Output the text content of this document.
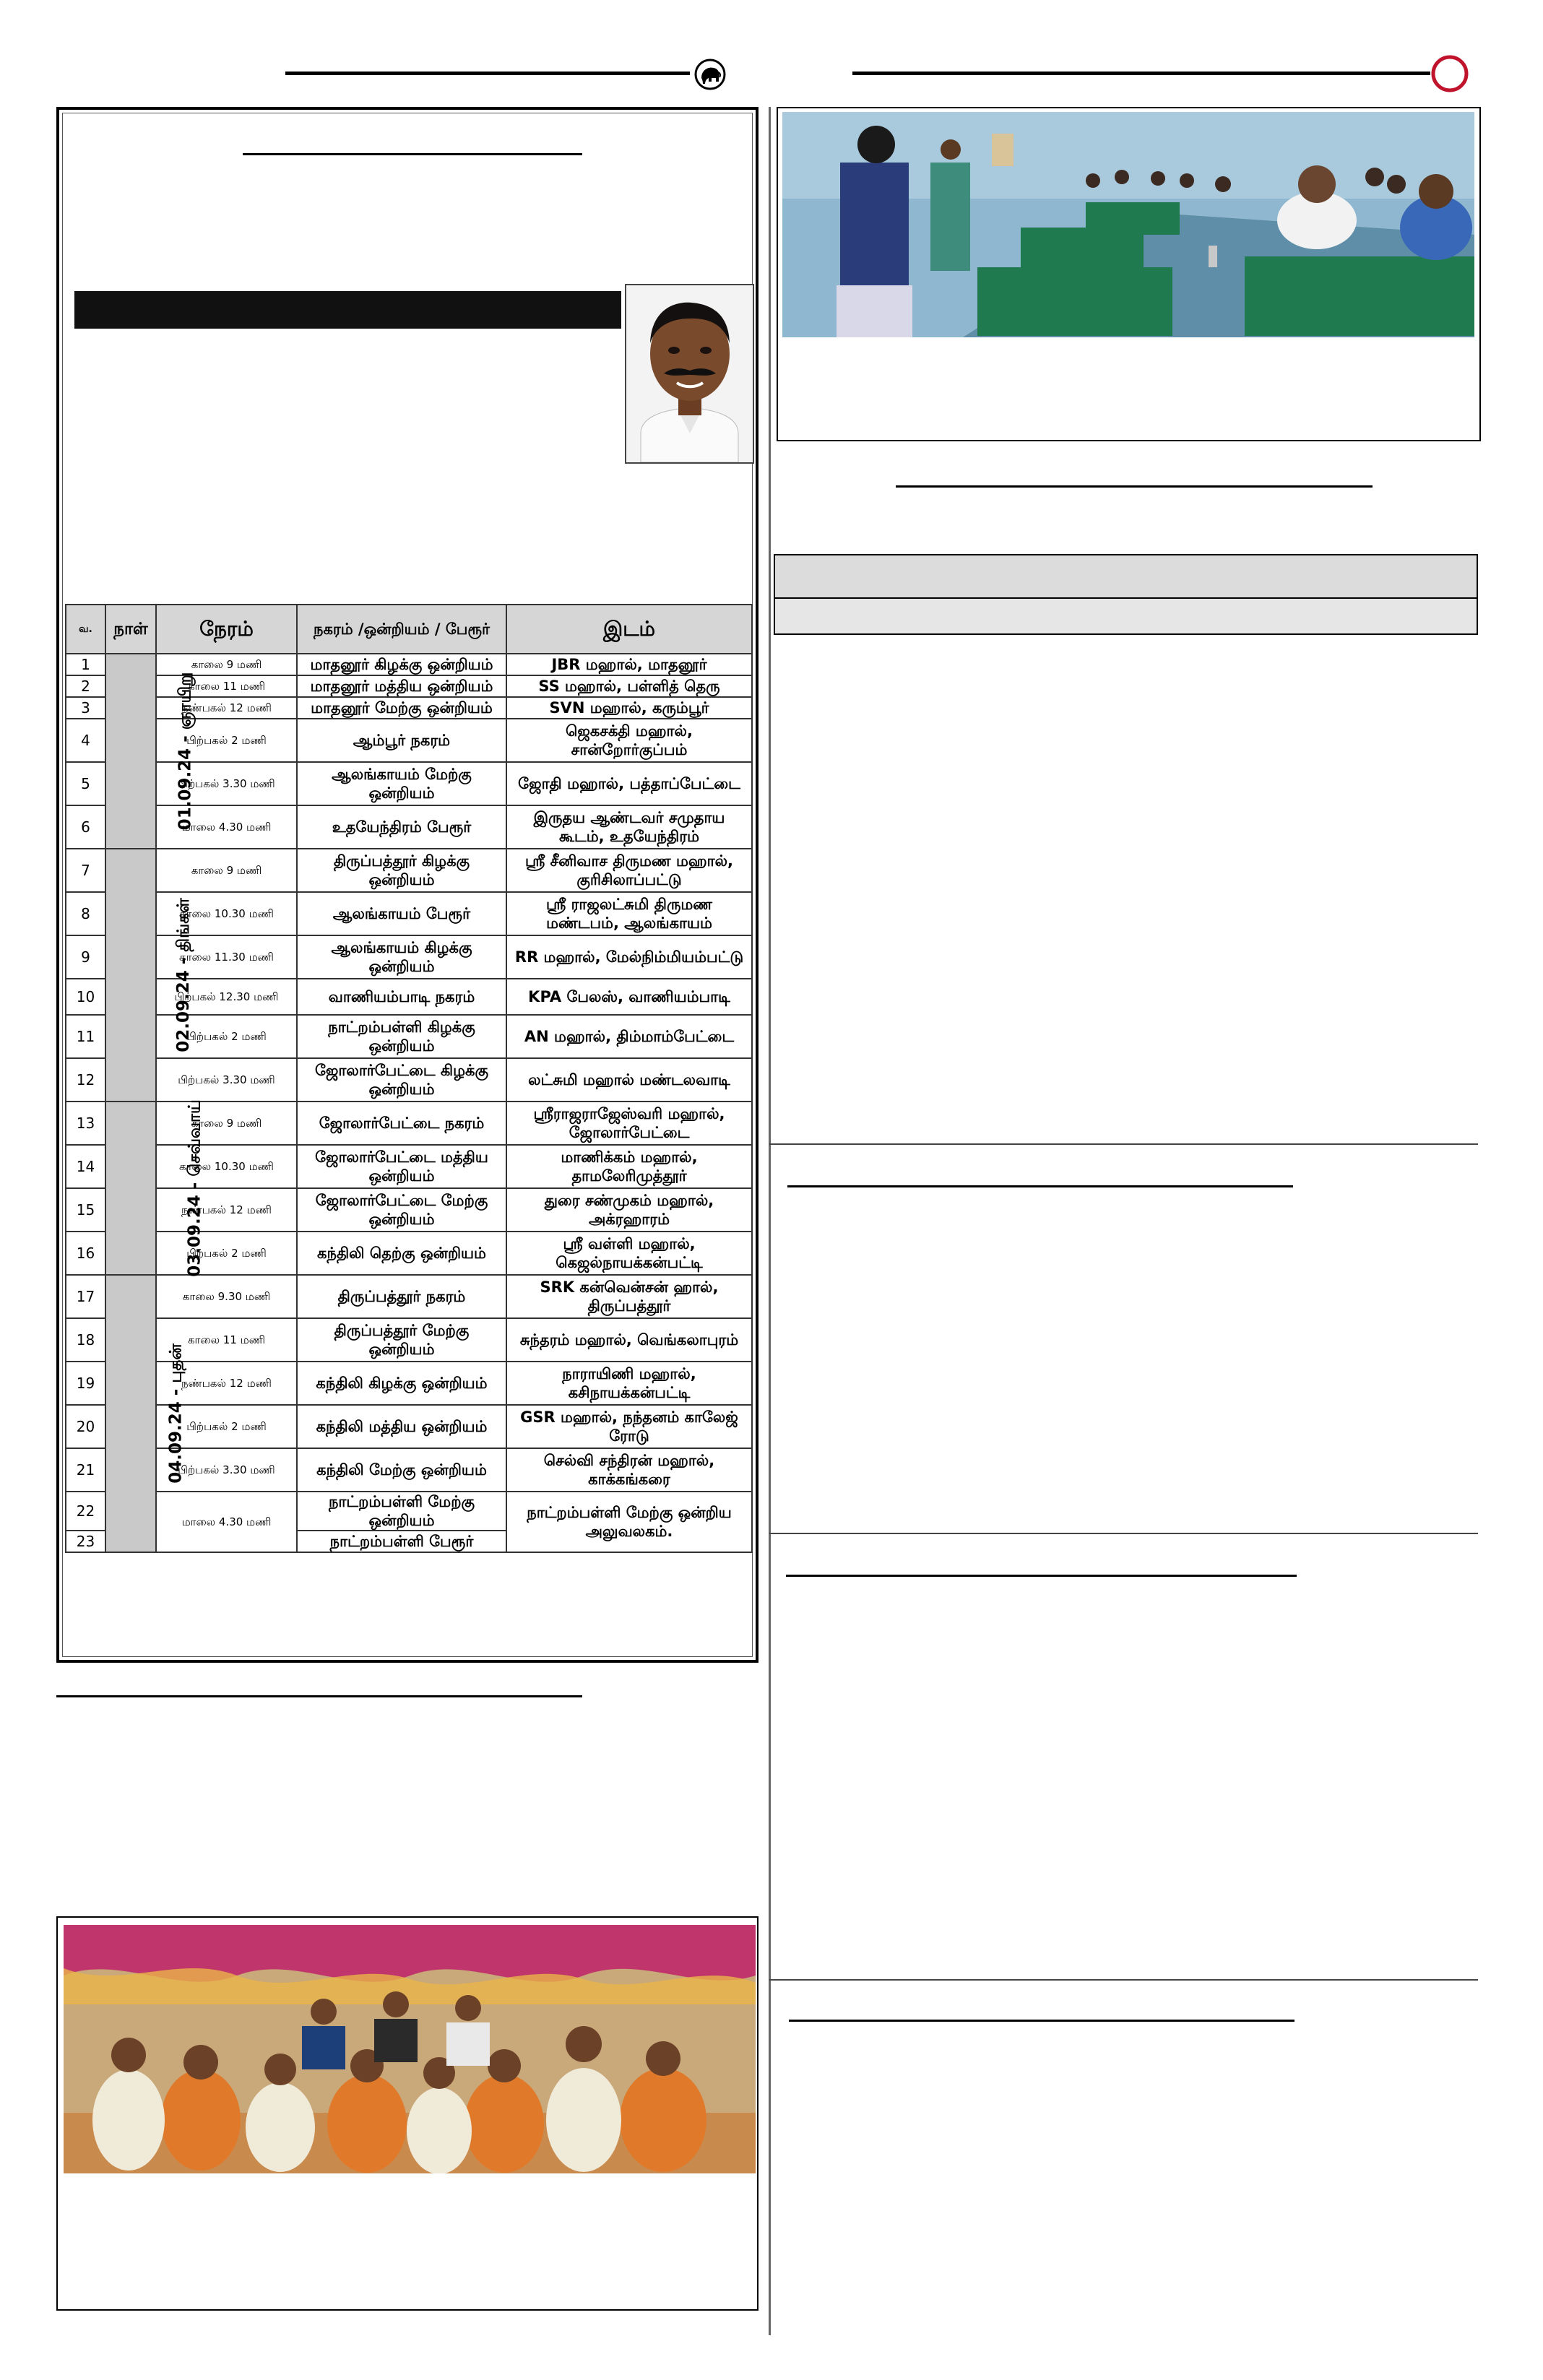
வ.	நாள்	நேரம்	நகரம் /ஒன்றியம் / பேரூர்	இடம்
1	01.09.24 - ஞாயிறு	காலை 9 மணி	மாதனூர் கிழக்கு ஒன்றியம்	JBR மஹால், மாதனூர்
2		காலை 11 மணி	மாதனூர் மத்திய ஒன்றியம்	SS மஹால், பள்ளித் தெரு
3		நண்பகல் 12 மணி	மாதனூர் மேற்கு ஒன்றியம்	SVN மஹால், கரும்பூர்
4		பிற்பகல் 2 மணி	ஆம்பூர் நகரம்	ஜெகசக்தி மஹால், சான்றோர்குப்பம்
5		பிற்பகல் 3.30 மணி	ஆலங்காயம் மேற்கு ஒன்றியம்	ஜோதி மஹால், பத்தாப்பேட்டை
6		மாலை 4.30 மணி	உதயேந்திரம் பேரூர்	இருதய ஆண்டவர் சமுதாய கூடம், உதயேந்திரம்
7	02.09.24 - திங்கள்	காலை 9 மணி	திருப்பத்தூர் கிழக்கு ஒன்றியம்	ஸ்ரீ சீனிவாச திருமண மஹால், குரிசிலாப்பட்டு
8		காலை 10.30 மணி	ஆலங்காயம் பேரூர்	ஸ்ரீ ராஜலட்சுமி திருமண மண்டபம், ஆலங்காயம்
9		காலை 11.30 மணி	ஆலங்காயம் கிழக்கு ஒன்றியம்	RR மஹால், மேல்நிம்மியம்பட்டு
10		பிற்பகல் 12.30 மணி	வாணியம்பாடி நகரம்	KPA பேலஸ், வாணியம்பாடி
11		பிற்பகல் 2 மணி	நாட்றம்பள்ளி கிழக்கு ஒன்றியம்	AN மஹால், திம்மாம்பேட்டை
12		பிற்பகல் 3.30 மணி	ஜோலார்பேட்டை கிழக்கு ஒன்றியம்	லட்சுமி மஹால் மண்டலவாடி
13	03.09.24 - செவ்வாய்	காலை 9 மணி	ஜோலார்பேட்டை நகரம்	ஸ்ரீராஜராஜேஸ்வரி மஹால், ஜோலார்பேட்டை
14		காலை 10.30 மணி	ஜோலார்பேட்டை மத்திய ஒன்றியம்	மாணிக்கம் மஹால், தாமலேரிமுத்தூர்
15		நண்பகல் 12 மணி	ஜோலார்பேட்டை மேற்கு ஒன்றியம்	துரை சண்முகம் மஹால், அக்ரஹாரம்
16		பிற்பகல் 2 மணி	கந்திலி தெற்கு ஒன்றியம்	ஸ்ரீ வள்ளி மஹால், கெஜல்நாயக்கன்பட்டி
17	04.09.24 - புதன்	காலை 9.30 மணி	திருப்பத்தூர் நகரம்	SRK கன்வென்சன் ஹால், திருப்பத்தூர்
18		காலை 11 மணி	திருப்பத்தூர் மேற்கு ஒன்றியம்	சுந்தரம் மஹால், வெங்கலாபுரம்
19		நண்பகல் 12 மணி	கந்திலி கிழக்கு ஒன்றியம்	நாராயிணி மஹால், கசிநாயக்கன்பட்டி
20		பிற்பகல் 2 மணி	கந்திலி மத்திய ஒன்றியம்	GSR மஹால், நந்தனம் காலேஜ் ரோடு
21		பிற்பகல் 3.30 மணி	கந்திலி மேற்கு ஒன்றியம்	செல்வி சந்திரன் மஹால், காக்கங்கரை
22		மாலை 4.30 மணி	நாட்றம்பள்ளி மேற்கு ஒன்றியம்	நாட்றம்பள்ளி மேற்கு ஒன்றிய அலுவலகம்.
23			நாட்றம்பள்ளி பேரூர்	
